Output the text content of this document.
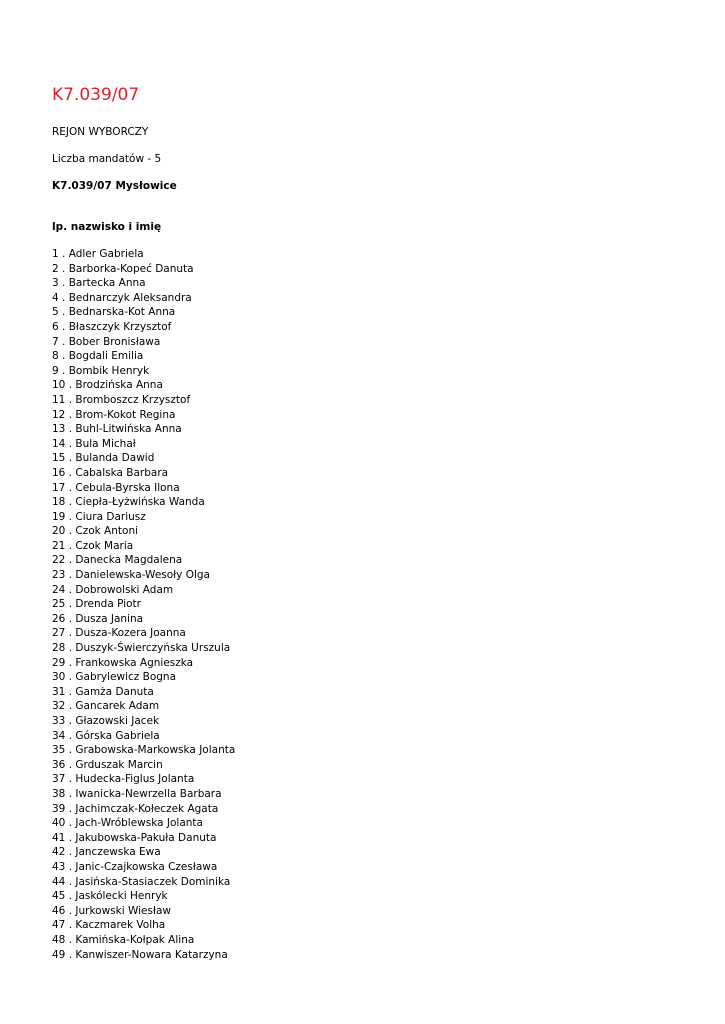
K7.039/07

REJON WYBORCZY

Liczba mandatów - 5

K7.039/07 Mysłowice

lp. nazwisko i imię

1 . Adler Gabriela
2 . Barborka-Kopeć Danuta
3 . Bartecka Anna
4 . Bednarczyk Aleksandra
5 . Bednarska-Kot Anna
6 . Błaszczyk Krzysztof
7 . Bober Bronisława
8 . Bogdali Emilia
9 . Bombik Henryk
10 . Brodzińska Anna
11 . Bromboszcz Krzysztof
12 . Brom-Kokot Regina
13 . Buhl-Litwińska Anna
14 . Bula Michał
15 . Bulanda Dawid
16 . Cabalska Barbara
17 . Cebula-Byrska Ilona
18 . Ciepła-Łyżwińska Wanda
19 . Ciura Dariusz
20 . Czok Antoni
21 . Czok Maria
22 . Danecka Magdalena
23 . Danielewska-Wesoły Olga
24 . Dobrowolski Adam
25 . Drenda Piotr
26 . Dusza Janina
27 . Dusza-Kozera Joanna
28 . Duszyk-Świerczyńska Urszula
29 . Frankowska Agnieszka
30 . Gabrylewicz Bogna
31 . Gamża Danuta
32 . Gancarek Adam
33 . Głazowski Jacek
34 . Górska Gabriela
35 . Grabowska-Markowska Jolanta
36 . Grduszak Marcin
37 . Hudecka-Figlus Jolanta
38 . Iwanicka-Newrzella Barbara
39 . Jachimczak-Kołeczek Agata
40 . Jach-Wróblewska Jolanta
41 . Jakubowska-Pakuła Danuta
42 . Janczewska Ewa
43 . Janic-Czajkowska Czesława
44 . Jasińska-Stasiaczek Dominika
45 . Jaskólecki Henryk
46 . Jurkowski Wiesław
47 . Kaczmarek Volha
48 . Kamińska-Kołpak Alina
49 . Kanwiszer-Nowara Katarzyna
